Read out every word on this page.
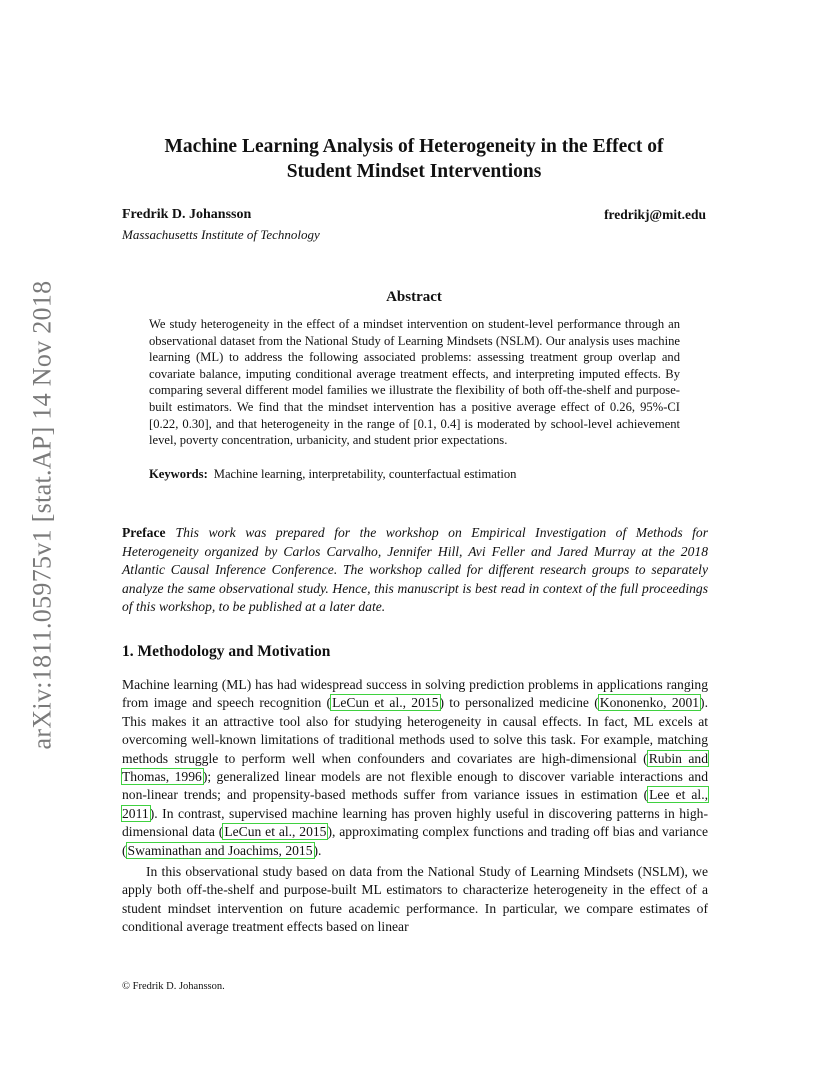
arXiv:1811.05975v1 [stat.AP] 14 Nov 2018
Machine Learning Analysis of Heterogeneity in the Effect of
Student Mindset Interventions
Fredrik D. Johansson	fredrikj@mit.edu
Massachusetts Institute of Technology
Abstract
We study heterogeneity in the effect of a mindset intervention on student-level performance through an observational dataset from the National Study of Learning Mindsets (NSLM). Our analysis uses machine learning (ML) to address the following associated problems: assessing treatment group overlap and covariate balance, imputing conditional average treatment effects, and interpreting imputed effects. By comparing several different model families we illustrate the flexibility of both off-the-shelf and purpose-built estimators. We find that the mindset intervention has a positive average effect of 0.26, 95%-CI [0.22, 0.30], and that heterogeneity in the range of [0.1, 0.4] is moderated by school-level achievement level, poverty concentration, urbanicity, and student prior expectations.
Keywords: Machine learning, interpretability, counterfactual estimation
Preface This work was prepared for the workshop on Empirical Investigation of Methods for Heterogeneity organized by Carlos Carvalho, Jennifer Hill, Avi Feller and Jared Murray at the 2018 Atlantic Causal Inference Conference. The workshop called for different research groups to separately analyze the same observational study. Hence, this manuscript is best read in context of the full proceedings of this workshop, to be published at a later date.
1. Methodology and Motivation

Machine learning (ML) has had widespread success in solving prediction problems in applications ranging from image and speech recognition (LeCun et al., 2015) to personalized medicine (Kononenko, 2001). This makes it an attractive tool also for studying heterogeneity in causal effects. In fact, ML excels at overcoming well-known limitations of traditional methods used to solve this task. For example, matching methods struggle to perform well when confounders and covariates are high-dimensional (Rubin and Thomas, 1996); generalized linear models are not flexible enough to discover variable interactions and non-linear trends; and propensity-based methods suffer from variance issues in estimation (Lee et al., 2011). In contrast, supervised machine learning has proven highly useful in discovering patterns in high-dimensional data (LeCun et al., 2015), approximating complex functions and trading off bias and variance (Swaminathan and Joachims, 2015).

In this observational study based on data from the National Study of Learning Mindsets (NSLM), we apply both off-the-shelf and purpose-built ML estimators to characterize heterogeneity in the effect of a student mindset intervention on future academic performance. In particular, we compare estimates of conditional average treatment effects based on linear

© Fredrik D. Johansson.
